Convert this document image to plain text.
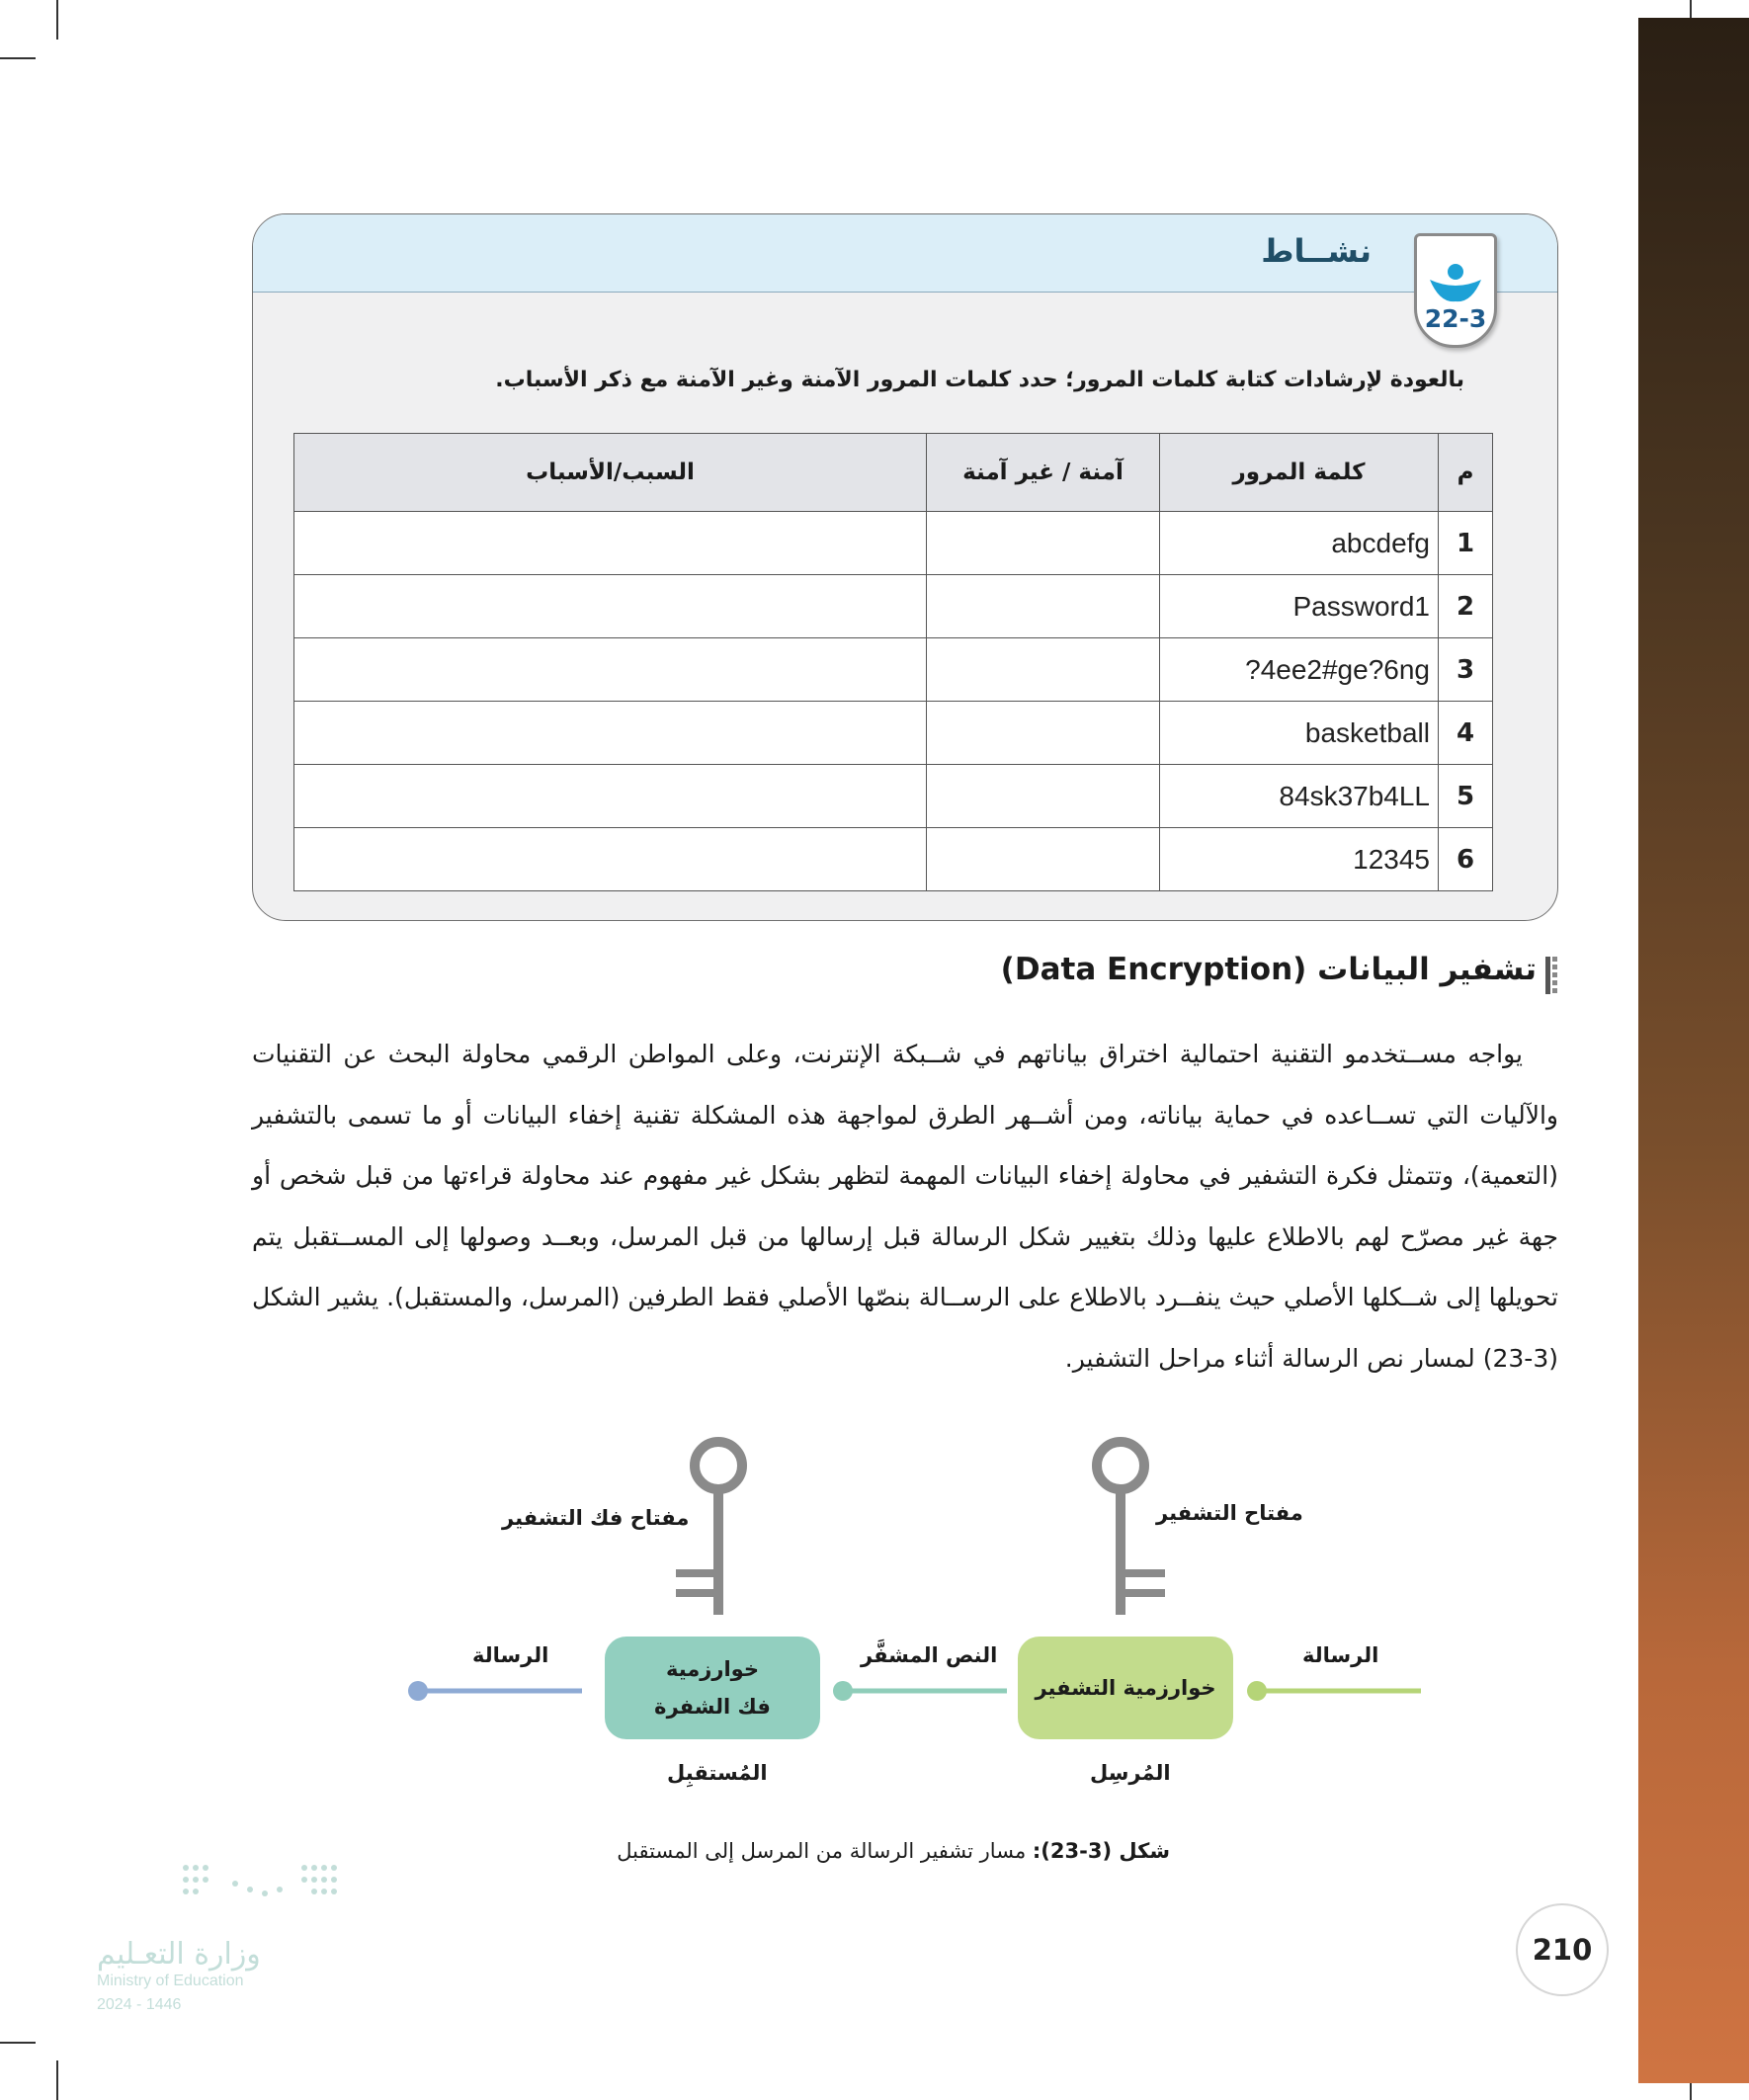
نشــاط
22-3
بالعودة لإرشادات كتابة كلمات المرور؛ حدد كلمات المرور الآمنة وغير الآمنة مع ذكر الأسباب.
م	كلمة المرور	آمنة / غير آمنة	السبب/الأسباب
1	abcdefg		
2	Password1		
3	?4ee2#ge?6ng		
4	basketball		
5	84sk37b4LL		
6	12345		
تشفير البيانات (Data Encryption)

يواجه مســتخدمو التقنية احتمالية اختراق بياناتهم في شــبكة الإنترنت، وعلى المواطن الرقمي محاولة البحث عن التقنيات والآليات التي تســاعده في حماية بياناته، ومن أشــهر الطرق لمواجهة هذه المشكلة تقنية إخفاء البيانات أو ما تسمى بالتشفير (التعمية)، وتتمثل فكرة التشفير في محاولة إخفاء البيانات المهمة لتظهر بشكل غير مفهوم عند محاولة قراءتها من قبل شخص أو جهة غير مصرّح لهم بالاطلاع عليها وذلك بتغيير شكل الرسالة قبل إرسالها من قبل المرسل، وبعــد وصولها إلى المســتقبل يتم تحويلها إلى شــكلها الأصلي حيث ينفــرد بالاطلاع على الرســالة بنصّها الأصلي فقط الطرفين (المرسل، والمستقبل). يشير الشكل (3-23) لمسار نص الرسالة أثناء مراحل التشفير.

خوارزمية التشفير
خوارزمية فك الشفرة
مفتاح التشفير
مفتاح فك التشفير
الرسالة
النص المشفَّر
الرسالة
المُرسِل
المُستقبِل
شكل (3-23): مسار تشفير الرسالة من المرسل إلى المستقبل
210
وزارة التعـليم
Ministry of Education
2024 - 1446
